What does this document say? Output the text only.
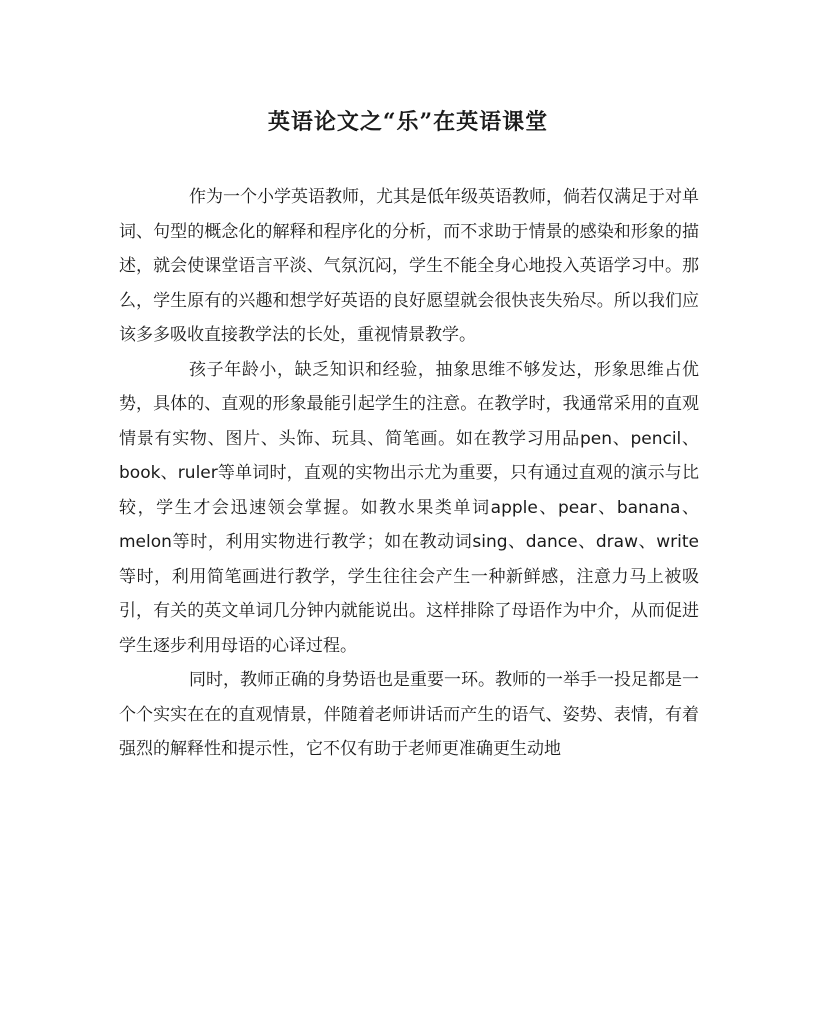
英语论文之“乐”在英语课堂

作为一个小学英语教师，尤其是低年级英语教师，倘若仅满足于对单词、句型的概念化的解释和程序化的分析，而不求助于情景的感染和形象的描述，就会使课堂语言平淡、气氛沉闷，学生不能全身心地投入英语学习中。那么，学生原有的兴趣和想学好英语的良好愿望就会很快丧失殆尽。所以我们应该多多吸收直接教学法的长处，重视情景教学。

孩子年龄小，缺乏知识和经验，抽象思维不够发达，形象思维占优势，具体的、直观的形象最能引起学生的注意。在教学时，我通常采用的直观情景有实物、图片、头饰、玩具、简笔画。如在教学习用品pen、pencil、book、ruler等单词时，直观的实物出示尤为重要，只有通过直观的演示与比较，学生才会迅速领会掌握。如教水果类单词apple、pear、banana、melon等时，利用实物进行教学；如在教动词sing、dance、draw、write等时，利用简笔画进行教学，学生往往会产生一种新鲜感，注意力马上被吸引，有关的英文单词几分钟内就能说出。这样排除了母语作为中介，从而促进学生逐步利用母语的心译过程。

同时，教师正确的身势语也是重要一环。教师的一举手一投足都是一个个实实在在的直观情景，伴随着老师讲话而产生的语气、姿势、表情，有着强烈的解释性和提示性，它不仅有助于老师更准确更生动地
